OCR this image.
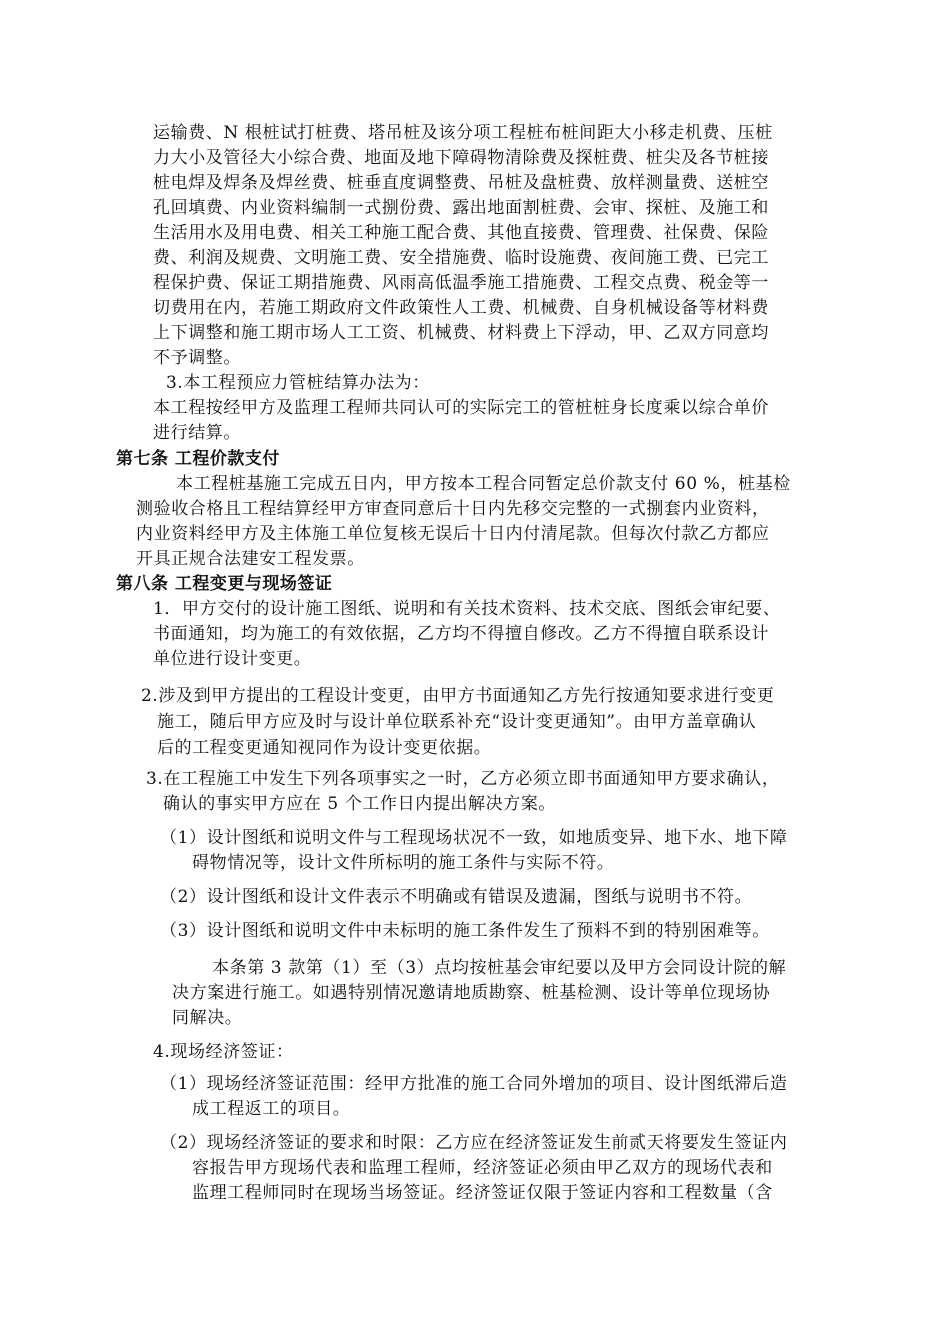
运输费、N 根桩试打桩费、塔吊桩及该分项工程桩布桩间距大小移走机费、压桩
力大小及管径大小综合费、地面及地下障碍物清除费及探桩费、桩尖及各节桩接
桩电焊及焊条及焊丝费、桩垂直度调整费、吊桩及盘桩费、放样测量费、送桩空
孔回填费、内业资料编制一式捌份费、露出地面割桩费、会审、探桩、及施工和
生活用水及用电费、相关工种施工配合费、其他直接费、管理费、社保费、保险
费、利润及规费、文明施工费、安全措施费、临时设施费、夜间施工费、已完工
程保护费、保证工期措施费、风雨高低温季施工措施费、工程交点费、税金等一
切费用在内，若施工期政府文件政策性人工费、机械费、自身机械设备等材料费
上下调整和施工期市场人工工资、机械费、材料费上下浮动，甲、乙双方同意均
不予调整。
3.本工程预应力管桩结算办法为：
本工程按经甲方及监理工程师共同认可的实际完工的管桩桩身长度乘以综合单价
进行结算。
第七条 工程价款支付
本工程桩基施工完成五日内，甲方按本工程合同暂定总价款支付 60 %，桩基检
测验收合格且工程结算经甲方审查同意后十日内先移交完整的一式捌套内业资料，
内业资料经甲方及主体施工单位复核无误后十日内付清尾款。但每次付款乙方都应
开具正规合法建安工程发票。
第八条 工程变更与现场签证
1．甲方交付的设计施工图纸、说明和有关技术资料、技术交底、图纸会审纪要、
书面通知，均为施工的有效依据，乙方均不得擅自修改。乙方不得擅自联系设计
单位进行设计变更。
2.涉及到甲方提出的工程设计变更，由甲方书面通知乙方先行按通知要求进行变更
施工，随后甲方应及时与设计单位联系补充“设计变更通知”。由甲方盖章确认
后的工程变更通知视同作为设计变更依据。
3.在工程施工中发生下列各项事实之一时，乙方必须立即书面通知甲方要求确认，
确认的事实甲方应在 5 个工作日内提出解决方案。
（1）设计图纸和说明文件与工程现场状况不一致，如地质变异、地下水、地下障
碍物情况等，设计文件所标明的施工条件与实际不符。
（2）设计图纸和设计文件表示不明确或有错误及遗漏，图纸与说明书不符。
（3）设计图纸和说明文件中未标明的施工条件发生了预料不到的特别困难等。
本条第 3 款第（1）至（3）点均按桩基会审纪要以及甲方会同设计院的解
决方案进行施工。如遇特别情况邀请地质勘察、桩基检测、设计等单位现场协
同解决。
4.现场经济签证：
（1）现场经济签证范围：经甲方批准的施工合同外增加的项目、设计图纸滞后造
成工程返工的项目。
（2）现场经济签证的要求和时限：乙方应在经济签证发生前贰天将要发生签证内
容报告甲方现场代表和监理工程师，经济签证必须由甲乙双方的现场代表和
监理工程师同时在现场当场签证。经济签证仅限于签证内容和工程数量（含
